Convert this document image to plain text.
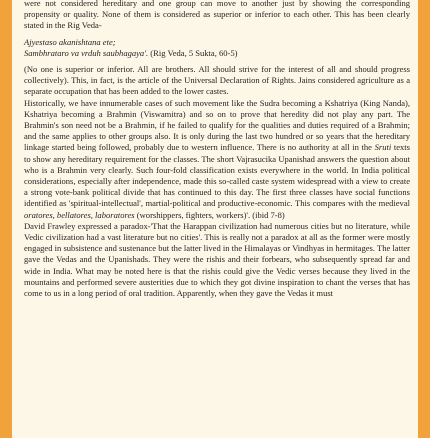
were not considered hereditary and one group can move to another just by showing the corresponding propensity or quality. None of them is considered as superior or inferior to each other. This has been clearly stated in the Rig Veda-

Ajyestaso akanishtana ete;
Sambhrataro va vrduh saubhagaya'. (Rig Veda, 5 Sukta, 60-5)

(No one is superior or inferior. All are brothers. All should strive for the interest of all and should progress collectively). This, in fact, is the article of the Universal Declaration of Rights. Jains considered agriculture as a separate occupation that has been added to the lower castes.

Historically, we have innumerable cases of such movement like the Sudra becoming a Kshatriya (King Nanda), Kshatriya becoming a Brahmin (Viswamitra) and so on to prove that heredity did not play any part. The Brahmin's son need not be a Brahmin, if he failed to qualify for the qualities and duties required of a Brahmin; and the same applies to other groups also. It is only during the last two hundred or so years that the hereditary linkage started being followed, probably due to western influence. There is no authority at all in the Sruti texts to show any hereditary requirement for the classes. The short Vajrasucika Upanishad answers the question about who is a Brahmin very clearly. Such four-fold classification exists everywhere in the world. In India political considerations, especially after independence, made this so-called caste system widespread with a view to create a strong vote-bank political divide that has continued to this day. The first three classes have social functions identified as 'spiritual-intellectual', martial-political and productive-economic. This compares with the medieval oratores, bellatores, laboratores (worshippers, fighters, workers)'. (ibid 7-8)

David Frawley expressed a paradox-'That the Harappan civilization had numerous cities but no literature, while Vedic civilization had a vast literature but no cities'. This is really not a paradox at all as the former were mostly engaged in subsistence and sustenance but the latter lived in the Himalayas or Vindhyas in hermitages. The latter gave the Vedas and the Upanishads. They were the rishis and their forbears, who subsequently spread far and wide in India. What may be noted here is that the rishis could give the Vedic verses because they lived in the mountains and performed severe austerities due to which they got divine inspiration to chant the verses that has come to us in a long period of oral tradition. Apparently, when they gave the Vedas it must
